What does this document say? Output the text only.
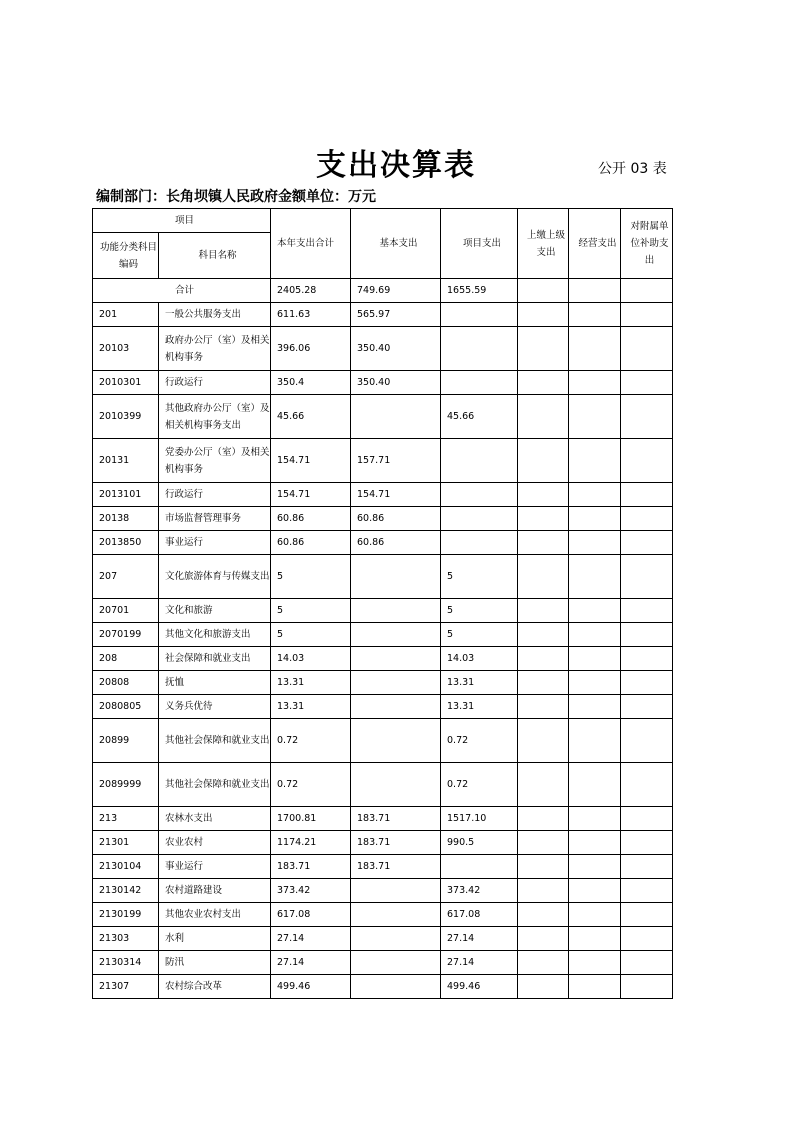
支出决算表	公开 03 表
编制部门：长角坝镇人民政府金额单位：万元
项目		本年支出合计	基本支出	项目支出	上缴上级支出	经营支出	对附属单位补助支出
功能分类科目编码	科目名称						
合计		2405.28	749.69	1655.59			
201	一般公共服务支出	611.63	565.97				
20103	政府办公厅（室）及相关机构事务	396.06	350.40				
2010301	行政运行	350.4	350.40				
2010399	其他政府办公厅（室）及相关机构事务支出	45.66		45.66			
20131	党委办公厅（室）及相关机构事务	154.71	157.71				
2013101	行政运行	154.71	154.71				
20138	市场监督管理事务	60.86	60.86				
2013850	事业运行	60.86	60.86				
207	文化旅游体育与传媒支出	5		5			
20701	文化和旅游	5		5			
2070199	其他文化和旅游支出	5		5			
208	社会保障和就业支出	14.03		14.03			
20808	抚恤	13.31		13.31			
2080805	义务兵优待	13.31		13.31			
20899	其他社会保障和就业支出	0.72		0.72			
2089999	其他社会保障和就业支出	0.72		0.72			
213	农林水支出	1700.81	183.71	1517.10			
21301	农业农村	1174.21	183.71	990.5			
2130104	事业运行	183.71	183.71				
2130142	农村道路建设	373.42		373.42			
2130199	其他农业农村支出	617.08		617.08			
21303	水利	27.14		27.14			
2130314	防汛	27.14		27.14			
21307	农村综合改革	499.46		499.46			
